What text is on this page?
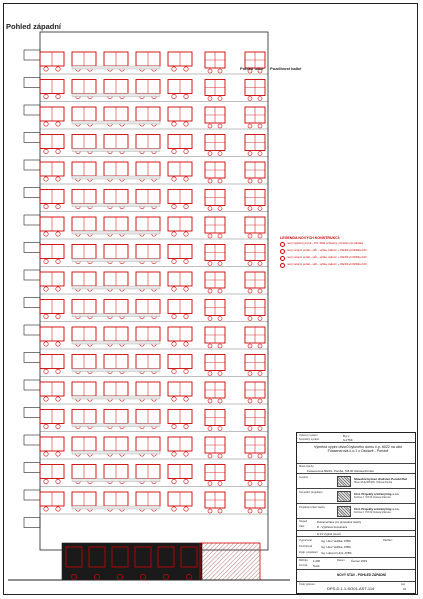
Pohled západní
Pohled ulice Pozdilvost balké
LEGENDA NOVÝCH KONSTRUKCÍ:
nový výplňový prvek – PO, SDH ochranný, označení viz tabulka
nový vstupní portál – stůl – výška, zakonč. + DE/DF+3.00/DE+3.00
nový vstupní portál – stůl – výška, zakonč. + DE/DF+3.00/DE+3.00
nový vstupní portál – stůl – výška, zakonč. + DE/DF+3.00/DE+3.00
Výškový systém:	B.p.v
Souřadný systém:	S-JTSK
Výměna výplní otvorů bytového domu č.p. 6022 na ulici Fussenerová č.o.1 v Ostravě - Porubě
Místo stavby:
Fussenerová 6022/1, Poruba, 708 00 Ostrava-Poruba
Investor	Stavební bytové družstvo Porubí Ruč
Hlavní třída 583/105, Ostrava-Poruba
Generální projektant	Ctvl. Projekty a Inženýring s.r.o.
Korfova 4, 703 00 Ostrava-Vítkovice
Projektant části stavby	Ctvl. Projekty a Inženýring s.r.o.
Korfova 4, 703 00 Ostrava-Vítkovice
Stupeň	Dokumentace pro provedení stavby
Část	D - Výplňové konstrukce
D.01 Výplně otvorů
Vypracoval	Ing. Libor Velička, ATBC
Kontroloval	Ing. Libor Velička, ATBC
Zodp. projektant Ing. Lubomír Himl, ATBC
Razítko:
Měřítko 1:200	Datum Červen 2019
Formát 5xA4
NOVÝ STAV - POHLED ZÁPADNÍ
Číslo výkresu:
DPS-D.1.1-SO01-AST-114
List
01
